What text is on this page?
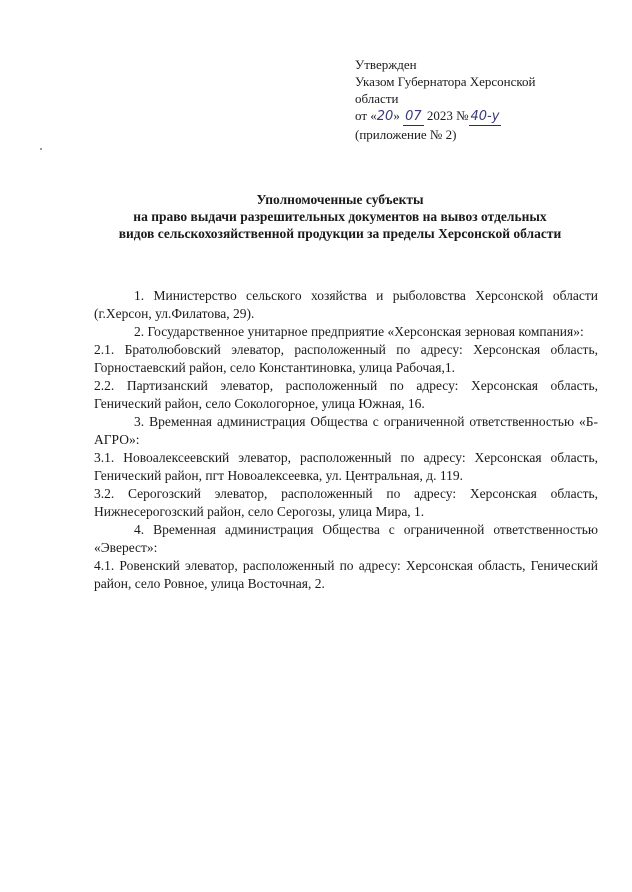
Утвержден
Указом Губернатора Херсонской
области
от «20» 07 2023 № 40-у
(приложение № 2)
Уполномоченные субъекты
на право выдачи разрешительных документов на вывоз отдельных
видов сельскохозяйственной продукции за пределы Херсонской области

1. Министерство сельского хозяйства и рыболовства Херсонской области (г.Херсон, ул.Филатова, 29).

2. Государственное унитарное предприятие «Херсонская зерновая компания»:

2.1. Братолюбовский элеватор, расположенный по адресу: Херсонская область, Горностаевский район, село Константиновка, улица Рабочая,1.

2.2. Партизанский элеватор, расположенный по адресу: Херсонская область, Генический район, село Сокологорное, улица Южная, 16.

3. Временная администрация Общества с ограниченной ответственностью «Б-АГРО»:

3.1. Новоалексеевский элеватор, расположенный по адресу: Херсонская область, Генический район, пгт Новоалексеевка, ул. Центральная, д. 119.

3.2. Серогозский элеватор, расположенный по адресу: Херсонская область, Нижнесерогозский район, село Серогозы, улица Мира, 1.

4. Временная администрация Общества с ограниченной ответственностью «Эверест»:

4.1. Ровенский элеватор, расположенный по адресу: Херсонская область, Генический район, село Ровное, улица Восточная, 2.
